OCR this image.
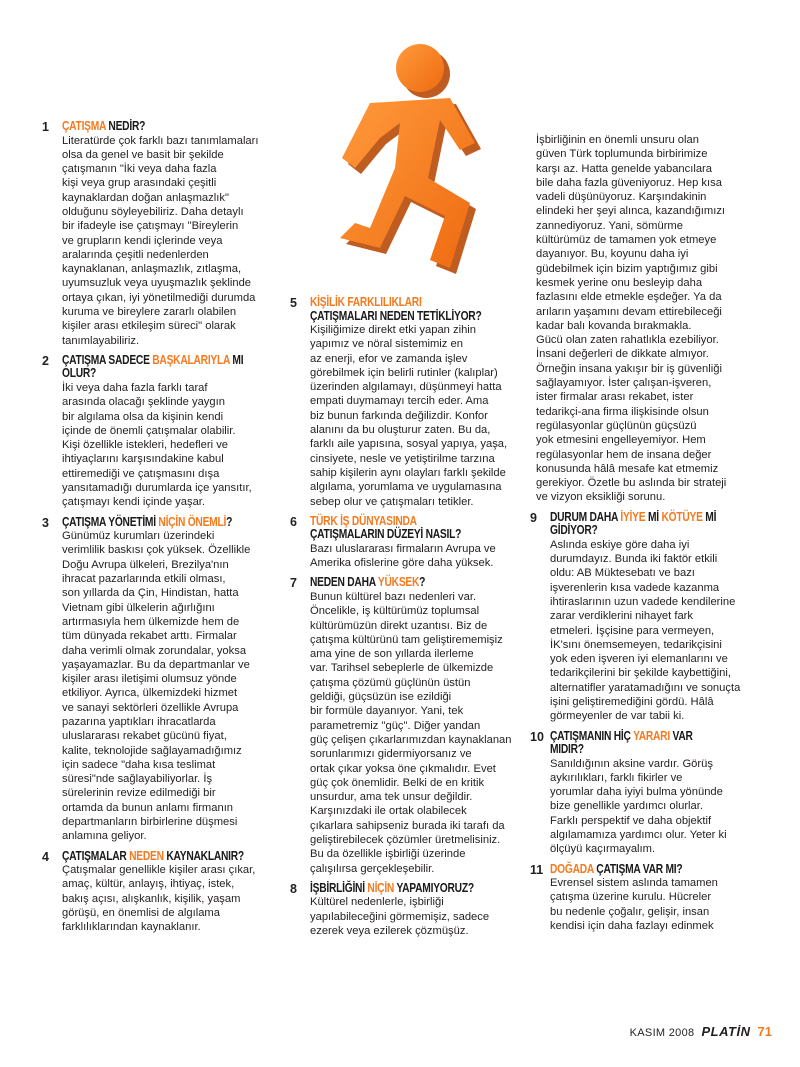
1 ÇATIŞMA NEDİR?
Literatürde çok farklı bazı tanımlamaları
olsa da genel ve basit bir şekilde
çatışmanın "İki veya daha fazla
kişi veya grup arasındaki çeşitli
kaynaklardan doğan anlaşmazlık"
olduğunu söyleyebiliriz. Daha detaylı
bir ifadeyle ise çatışmayı "Bireylerin
ve grupların kendi içlerinde veya
aralarında çeşitli nedenlerden
kaynaklanan, anlaşmazlık, zıtlaşma,
uyumsuzluk veya uyuşmazlık şeklinde
ortaya çıkan, iyi yönetilmediği durumda
kuruma ve bireylere zararlı olabilen
kişiler arası etkileşim süreci" olarak
tanımlayabiliriz.
2 ÇATIŞMA SADECE BAŞKALARIYLA MI
OLUR?
İki veya daha fazla farklı taraf
arasında olacağı şeklinde yaygın
bir algılama olsa da kişinin kendi
içinde de önemli çatışmalar olabilir.
Kişi özellikle istekleri, hedefleri ve
ihtiyaçlarını karşısındakine kabul
ettiremediği ve çatışmasını dışa
yansıtamadığı durumlarda içe yansıtır,
çatışmayı kendi içinde yaşar.
3 ÇATIŞMA YÖNETİMİ NİÇİN ÖNEMLİ?
Günümüz kurumları üzerindeki
verimlilik baskısı çok yüksek. Özellikle
Doğu Avrupa ülkeleri, Brezilya'nın
ihracat pazarlarında etkili olması,
son yıllarda da Çin, Hindistan, hatta
Vietnam gibi ülkelerin ağırlığını
artırmasıyla hem ülkemizde hem de
tüm dünyada rekabet arttı. Firmalar
daha verimli olmak zorundalar, yoksa
yaşayamazlar. Bu da departmanlar ve
kişiler arası iletişimi olumsuz yönde
etkiliyor. Ayrıca, ülkemizdeki hizmet
ve sanayi sektörleri özellikle Avrupa
pazarına yaptıkları ihracatlarda
uluslararası rekabet gücünü fiyat,
kalite, teknolojide sağlayamadığımız
için sadece "daha kısa teslimat
süresi"nde sağlayabiliyorlar. İş
sürelerinin revize edilmediği bir
ortamda da bunun anlamı firmanın
departmanların birbirlerine düşmesi
anlamına geliyor.
4 ÇATIŞMALAR NEDEN KAYNAKLANIR?
Çatışmalar genellikle kişiler arası çıkar,
amaç, kültür, anlayış, ihtiyaç, istek,
bakış açısı, alışkanlık, kişilik, yaşam
görüşü, en önemlisi de algılama
farklılıklarından kaynaklanır.
5 KİŞİLİK FARKLILIKLARI
ÇATIŞMALARI NEDEN TETİKLİYOR?
Kişiliğimize direkt etki yapan zihin
yapımız ve nöral sistemimiz en
az enerji, efor ve zamanda işlev
görebilmek için belirli rutinler (kalıplar)
üzerinden algılamayı, düşünmeyi hatta
empati duymamayı tercih eder. Ama
biz bunun farkında değilizdir. Konfor
alanını da bu oluşturur zaten. Bu da,
farklı aile yapısına, sosyal yapıya, yaşa,
cinsiyete, nesle ve yetiştirilme tarzına
sahip kişilerin aynı olayları farklı şekilde
algılama, yorumlama ve uygulamasına
sebep olur ve çatışmaları tetikler.
6 TÜRK İŞ DÜNYASINDA
ÇATIŞMALARIN DÜZEYİ NASIL?
Bazı uluslararası firmaların Avrupa ve
Amerika ofislerine göre daha yüksek.
7 NEDEN DAHA YÜKSEK?
Bunun kültürel bazı nedenleri var.
Öncelikle, iş kültürümüz toplumsal
kültürümüzün direkt uzantısı. Biz de
çatışma kültürünü tam geliştirememişiz
ama yine de son yıllarda ilerleme
var. Tarihsel sebeplerle de ülkemizde
çatışma çözümü güçlünün üstün
geldiği, güçsüzün ise ezildiği
bir formüle dayanıyor. Yani, tek
parametremiz "güç". Diğer yandan
güç çelişen çıkarlarımızdan kaynaklanan
sorunlarımızı gidermiyorsanız ve
ortak çıkar yoksa öne çıkmalıdır. Evet
güç çok önemlidir. Belki de en kritik
unsurdur, ama tek unsur değildir.
Karşınızdaki ile ortak olabilecek
çıkarlara sahipseniz burada iki tarafı da
geliştirebilecek çözümler üretmelisiniz.
Bu da özellikle işbirliği üzerinde
çalışılırsa gerçekleşebilir.
8 İŞBİRLİĞİNİ NİÇİN YAPAMIYORUZ?
Kültürel nedenlerle, işbirliği
yapılabileceğini görmemişiz, sadece
ezerek veya ezilerek çözmüşüz.
İşbirliğinin en önemli unsuru olan
güven Türk toplumunda birbirimize
karşı az. Hatta genelde yabancılara
bile daha fazla güveniyoruz. Hep kısa
vadeli düşünüyoruz. Karşındakinin
elindeki her şeyi alınca, kazandığımızı
zannediyoruz. Yani, sömürme
kültürümüz de tamamen yok etmeye
dayanıyor. Bu, koyunu daha iyi
güdebilmek için bizim yaptığımız gibi
kesmek yerine onu besleyip daha
fazlasını elde etmekle eşdeğer. Ya da
arıların yaşamını devam ettirebileceği
kadar balı kovanda bırakmakla.
Gücü olan zaten rahatlıkla ezebiliyor.
İnsani değerleri de dikkate almıyor.
Örneğin insana yakışır bir iş güvenliği
sağlayamıyor. İster çalışan-işveren,
ister firmalar arası rekabet, ister
tedarikçi-ana firma ilişkisinde olsun
regülasyonlar güçlünün güçsüzü
yok etmesini engelleyemiyor. Hem
regülasyonlar hem de insana değer
konusunda hâlâ mesafe kat etmemiz
gerekiyor. Özetle bu aslında bir strateji
ve vizyon eksikliği sorunu.
9 DURUM DAHA İYİYE Mİ KÖTÜYE Mİ
GİDİYOR?
Aslında eskiye göre daha iyi
durumdayız. Bunda iki faktör etkili
oldu: AB Müktesebatı ve bazı
işverenlerin kısa vadede kazanma
ihtiraslarının uzun vadede kendilerine
zarar verdiklerini nihayet fark
etmeleri. İşçisine para vermeyen,
İK'sını önemsemeyen, tedarikçisini
yok eden işveren iyi elemanlarını ve
tedarikçilerini bir şekilde kaybettiğini,
alternatifler yaratamadığını ve sonuçta
işini geliştiremediğini gördü. Hâlâ
görmeyenler de var tabii ki.
10 ÇATIŞMANIN HİÇ YARARI VAR
MIDIR?
Sanıldığının aksine vardır. Görüş
aykırılıkları, farklı fikirler ve
yorumlar daha iyiyi bulma yönünde
bize genellikle yardımcı olurlar.
Farklı perspektif ve daha objektif
algılamamıza yardımcı olur. Yeter ki
ölçüyü kaçırmayalım.
11 DOĞADA ÇATIŞMA VAR MI?
Evrensel sistem aslında tamamen
çatışma üzerine kurulu. Hücreler
bu nedenle çoğalır, gelişir, insan
kendisi için daha fazlayı edinmek
KASIM 2008 PLATİN 71
